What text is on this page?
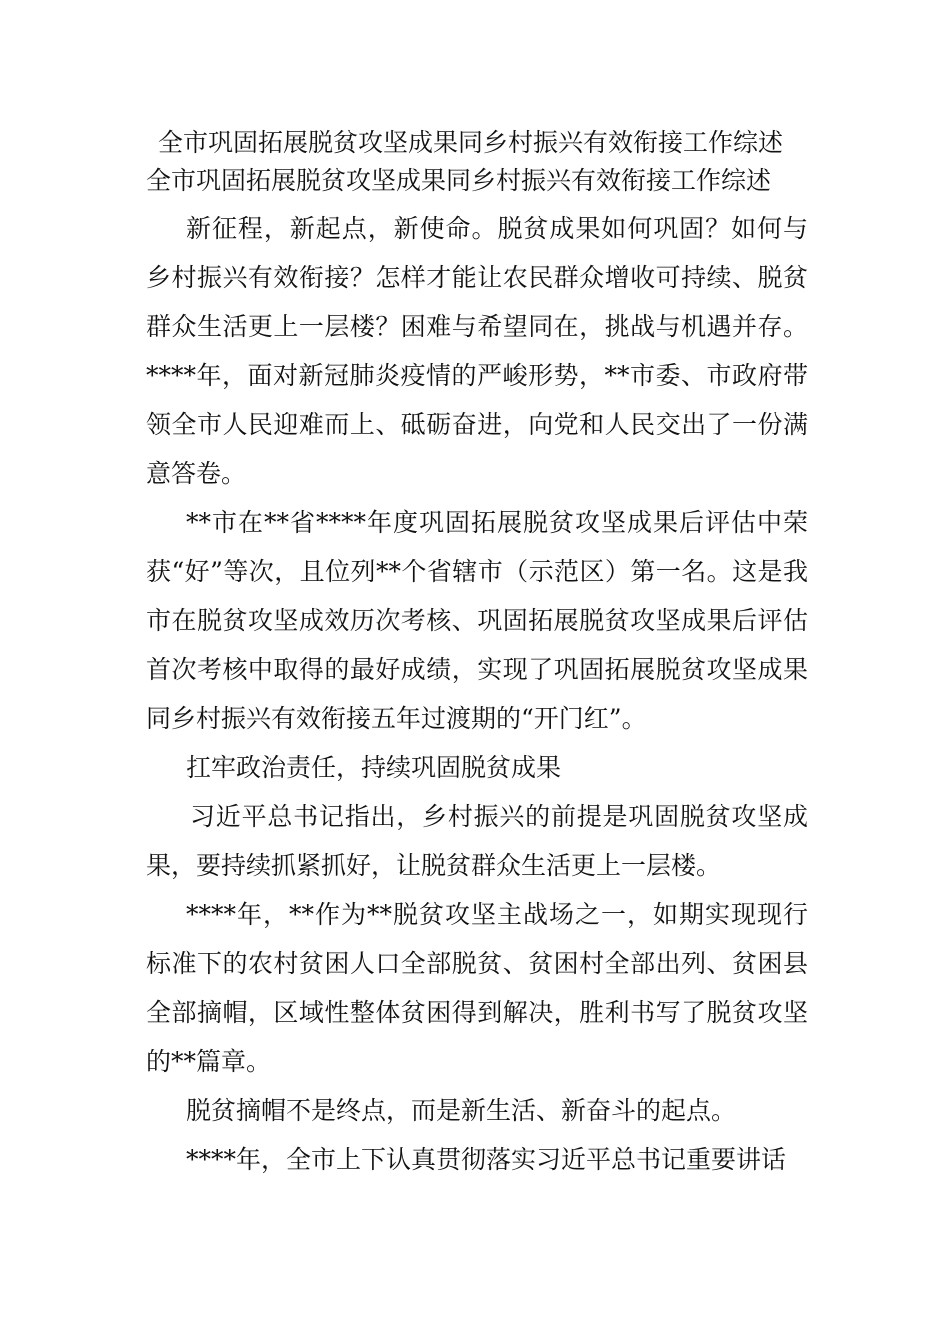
全市巩固拓展脱贫攻坚成果同乡村振兴有效衔接工作综述
全市巩固拓展脱贫攻坚成果同乡村振兴有效衔接工作综述

新征程，新起点，新使命。脱贫成果如何巩固？如何与乡村振兴有效衔接？怎样才能让农民群众增收可持续、脱贫群众生活更上一层楼？困难与希望同在，挑战与机遇并存。****年，面对新冠肺炎疫情的严峻形势，**市委、市政府带领全市人民迎难而上、砥砺奋进，向党和人民交出了一份满意答卷。

**市在**省****年度巩固拓展脱贫攻坚成果后评估中荣获“好”等次，且位列**个省辖市（示范区）第一名。这是我市在脱贫攻坚成效历次考核、巩固拓展脱贫攻坚成果后评估首次考核中取得的最好成绩，实现了巩固拓展脱贫攻坚成果同乡村振兴有效衔接五年过渡期的“开门红”。

扛牢政治责任，持续巩固脱贫成果

习近平总书记指出，乡村振兴的前提是巩固脱贫攻坚成果，要持续抓紧抓好，让脱贫群众生活更上一层楼。

****年，**作为**脱贫攻坚主战场之一，如期实现现行标准下的农村贫困人口全部脱贫、贫困村全部出列、贫困县全部摘帽，区域性整体贫困得到解决，胜利书写了脱贫攻坚的**篇章。

脱贫摘帽不是终点，而是新生活、新奋斗的起点。

****年，全市上下认真贯彻落实习近平总书记重要讲话
